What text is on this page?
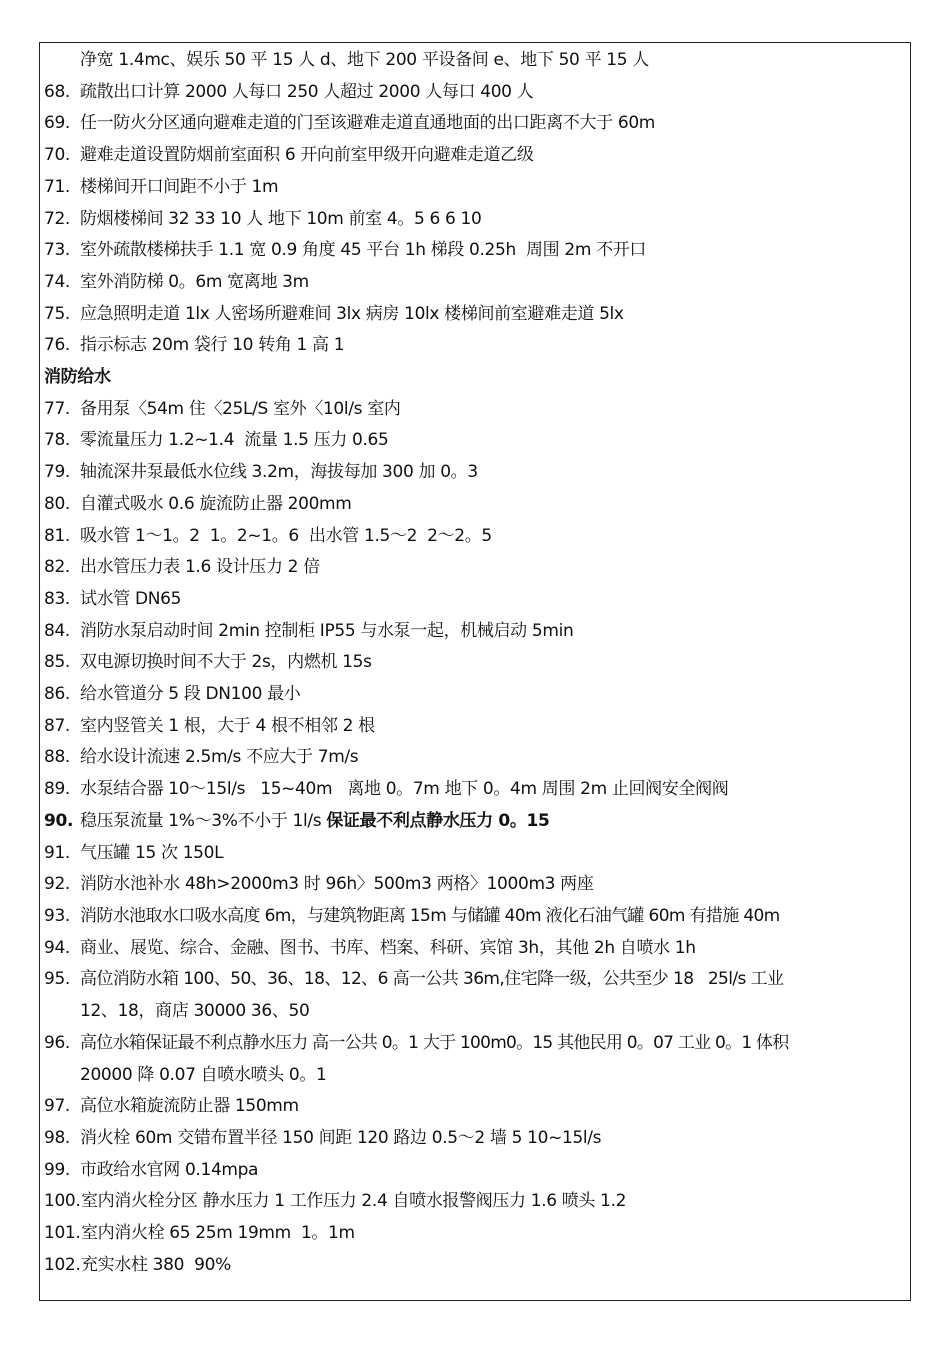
净宽 1.4mc、娱乐 50 平 15 人 d、地下 200 平设备间 e、地下 50 平 15 人
68. 疏散出口计算 2000 人每口 250 人超过 2000 人每口 400 人
69. 任一防火分区通向避难走道的门至该避难走道直通地面的出口距离不大于 60m
70. 避难走道设置防烟前室面积 6 开向前室甲级开向避难走道乙级
71. 楼梯间开口间距不小于 1m
72. 防烟楼梯间 32 33 10 人 地下 10m 前室 4。5 6 6 10
73. 室外疏散楼梯扶手 1.1 宽 0.9 角度 45 平台 1h 梯段 0.25h  周围 2m 不开口
74. 室外消防梯 0。6m 宽离地 3m
75. 应急照明走道 1lx 人密场所避难间 3lx 病房 10lx 楼梯间前室避难走道 5lx
76. 指示标志 20m 袋行 10 转角 1 高 1
消防给水
77. 备用泵〈54m 住〈25L/S 室外〈10l/s 室内
78. 零流量压力 1.2~1.4  流量 1.5 压力 0.65
79. 轴流深井泵最低水位线 3.2m，海拔每加 300 加 0。3
80. 自灌式吸水 0.6 旋流防止器 200mm
81. 吸水管 1～1。2  1。2~1。6  出水管 1.5～2  2～2。5
82. 出水管压力表 1.6 设计压力 2 倍
83. 试水管 DN65
84. 消防水泵启动时间 2min 控制柜 IP55 与水泵一起，机械启动 5min
85. 双电源切换时间不大于 2s，内燃机 15s
86. 给水管道分 5 段 DN100 最小
87. 室内竖管关 1 根，大于 4 根不相邻 2 根
88. 给水设计流速 2.5m/s 不应大于 7m/s
89. 水泵结合器 10～15l/s   15~40m   离地 0。7m 地下 0。4m 周围 2m 止回阀安全阀阀
90. 稳压泵流量 1%～3%不小于 1l/s 保证最不利点静水压力 0。15
91. 气压罐 15 次 150L
92. 消防水池补水 48h>2000m3 时 96h〉500m3 两格〉1000m3 两座
93. 消防水池取水口吸水高度 6m，与建筑物距离 15m 与储罐 40m 液化石油气罐 60m 有措施 40m
94. 商业、展览、综合、金融、图书、书库、档案、科研、宾馆 3h，其他 2h 自喷水 1h
95. 高位消防水箱 100、50、36、18、12、6 高一公共 36m,住宅降一级，公共至少 18   25l/s 工业
12、18，商店 30000 36、50
96. 高位水箱保证最不利点静水压力 高一公共 0。1 大于 100m0。15 其他民用 0。07 工业 0。1 体积
20000 降 0.07 自喷水喷头 0。1
97. 高位水箱旋流防止器 150mm
98. 消火栓 60m 交错布置半径 150 间距 120 路边 0.5～2 墙 5 10~15l/s
99. 市政给水官网 0.14mpa
100. 室内消火栓分区 静水压力 1 工作压力 2.4 自喷水报警阀压力 1.6 喷头 1.2
101. 室内消火栓 65 25m 19mm  1。1m
102. 充实水柱 380  90%
